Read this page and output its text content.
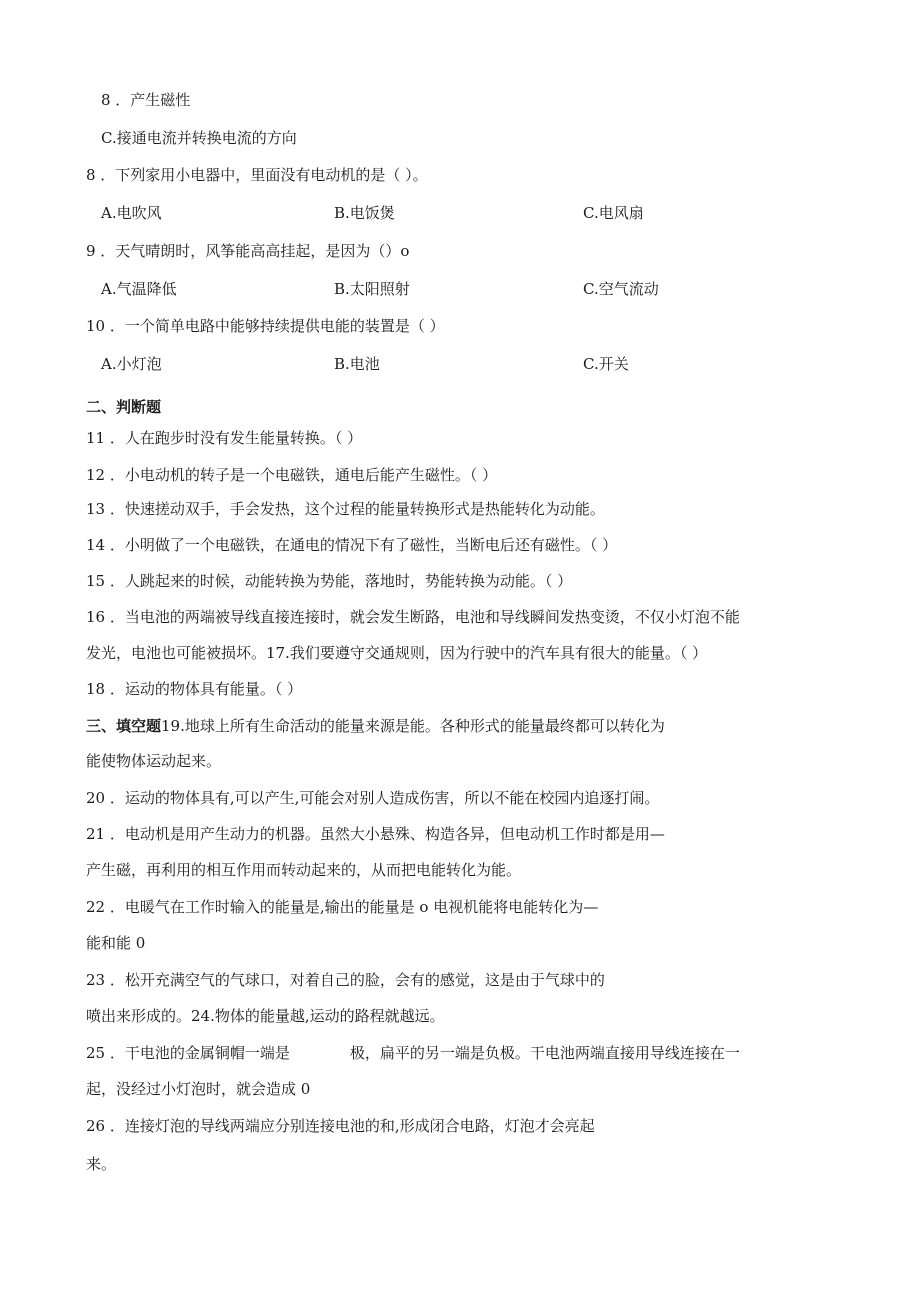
8 ．产生磁性
C.接通电流并转换电流的方向
8 ．下列家用小电器中，里面没有电动机的是（ ）。
A.电吹风	B.电饭煲	C.电风扇
9 ．天气晴朗时，风筝能高高挂起，是因为（）o
A.气温降低	B.太阳照射	C.空气流动
10 ．一个简单电路中能够持续提供电能的装置是（ ）
A.小灯泡	B.电池	C.开关
二、判断题
11 ．人在跑步时没有发生能量转换。（ ）
12 ．小电动机的转子是一个电磁铁，通电后能产生磁性。（ ）
13 ．快速搓动双手，手会发热，这个过程的能量转换形式是热能转化为动能。
14 ．小明做了一个电磁铁，在通电的情况下有了磁性，当断电后还有磁性。（ ）
15 ．人跳起来的时候，动能转换为势能，落地时，势能转换为动能。（ ）
16 ．当电池的两端被导线直接连接时，就会发生断路，电池和导线瞬间发热变烫，不仅小灯泡不能
发光，电池也可能被损坏。17.我们要遵守交通规则，因为行驶中的汽车具有很大的能量。（ ）
18 ．运动的物体具有能量。（ ）
三、填空题19.地球上所有生命活动的能量来源是能。各种形式的能量最终都可以转化为
能使物体运动起来。
20 ．运动的物体具有,可以产生,可能会对别人造成伤害，所以不能在校园内追逐打闹。
21 ．电动机是用产生动力的机器。虽然大小悬殊、构造各异，但电动机工作时都是用—
产生磁，再利用的相互作用而转动起来的，从而把电能转化为能。
22 ．电暖气在工作时输入的能量是,输出的能量是 o 电视机能将电能转化为—
能和能 0
23 ．松开充满空气的气球口，对着自己的脸，会有的感觉，这是由于气球中的
喷出来形成的。24.物体的能量越,运动的路程就越远。
25 ．干电池的金属铜帽一端是　　　　极，扁平的另一端是负极。干电池两端直接用导线连接在一
起，没经过小灯泡时，就会造成 0
26 ．连接灯泡的导线两端应分别连接电池的和,形成闭合电路，灯泡才会亮起
来。
